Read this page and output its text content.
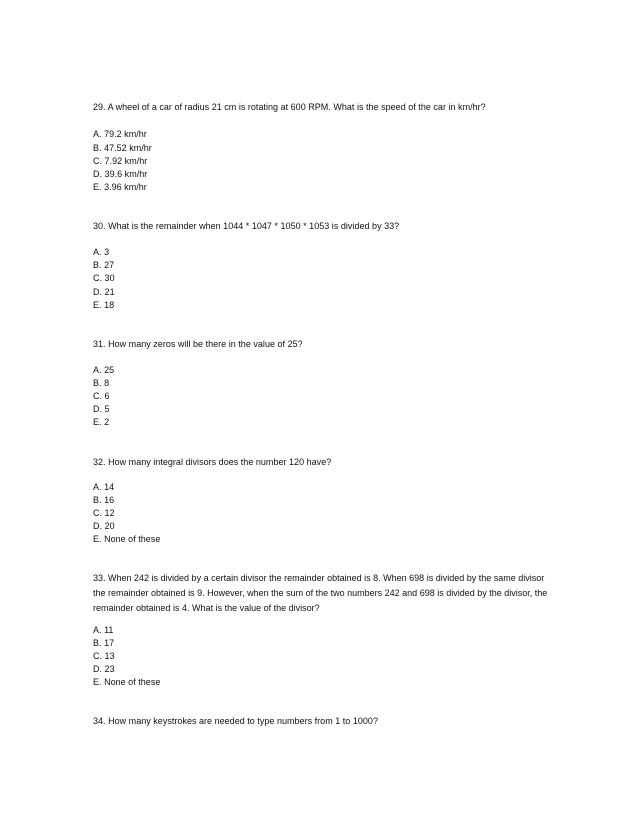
29. A wheel of a car of radius 21 cm is rotating at 600 RPM. What is the speed of the car in km/hr?
A. 79.2 km/hr
B. 47.52 km/hr
C. 7.92 km/hr
D. 39.6 km/hr
E. 3.96 km/hr
30. What is the remainder when 1044 * 1047 * 1050 * 1053 is divided by 33?
A. 3
B. 27
C. 30
D. 21
E. 18
31. How many zeros will be there in the value of 25?
A. 25
B. 8
C. 6
D. 5
E. 2
32. How many integral divisors does the number 120 have?
A. 14
B. 16
C. 12
D. 20
E. None of these
33. When 242 is divided by a certain divisor the remainder obtained is 8. When 698 is divided by the same divisor the remainder obtained is 9. However, when the sum of the two numbers 242 and 698 is divided by the divisor, the remainder obtained is 4. What is the value of the divisor?
A. 11
B. 17
C. 13
D. 23
E. None of these
34. How many keystrokes are needed to type numbers from 1 to 1000?
